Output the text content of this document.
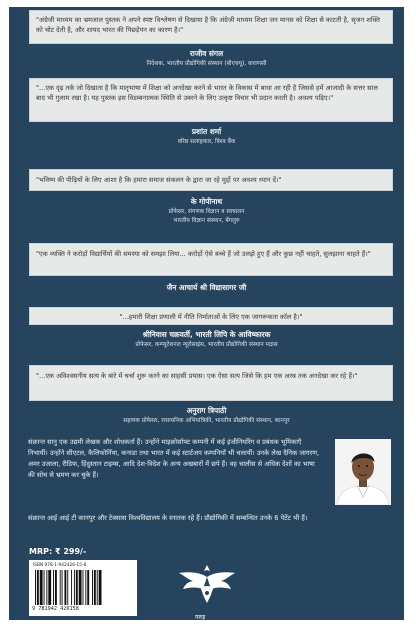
"अंग्रेजी माध्यम का भ्रमजाल पुस्तक ने अपने स्पष्ट विश्लेषण से दिखाया है कि अंग्रेजी माध्यम शिक्षा जन मानस को शिक्षा से काटती है, सृजन शक्ति को चोट देती है, और शायद भारत की पिछड़ेपन का कारण है।"
राजीव संगल
निदेशक, भारतीय प्रौद्योगिकी संस्थान (बीएचयू), वाराणसी
"...एक दृढ़ तर्क जो दिखाता है कि मातृभाषा में शिक्षा को अनदेखा करने से भारत के विकास में बाधा आ रही है जिससे हमें आजादी के सत्तर साल बाद भी गुलाम रखा है। यह पुस्तक इस विडम्बनात्मक स्थिति से उबरने के लिए उत्कृष्ट विचार भी प्रदान करती है। अवश्य पढ़िए।"
प्रशांत शर्मा
वरिष्ठ सलाहकार, विश्व बैंक
"भविष्य की पीढ़ियों के लिए आशा है कि हमारा समाज संकलन के द्वारा जा रहे मुद्दों पर अवश्य ध्यान दें।"
के गोपीनाथ
प्रोफेसर, संगणक विज्ञान व स्वचालन
भारतीय विज्ञान संस्थान, बेंगलुरु
"एक व्यक्ति ने करोड़ों विद्यार्थियों की समस्या को समझा लिया... करोड़ों ऐसे बच्चे हैं जो उलझे हुए हैं और कुछ नहीं चाहते, सुलझाना चाहते हैं।"
जैन आचार्य श्री विद्यासागर जी
"...हमारी शिक्षा प्रणाली में नीति निर्माताओं के लिए एक जागरूकता कॉल है।"
श्रीनिवास चक्रवर्ती, भारती लिपि के आविष्कारक
प्रोफेसर, कम्प्यूटेशनल न्यूरोसाइंस, भारतीय प्रौद्योगिकी संस्थान मद्रास
"...एक अविश्वसनीय सत्य के बारे में चर्चा शुरू करने का साहसी प्रयास। एक ऐसा सत्य जिसे कि हम एक अरब तक अनदेखा कर रहे हैं।"
अनुराग त्रिपाठी
सहायक प्रोफेसर, रासायनिक अभियांत्रिकी, भारतीय प्रौद्योगिकी संस्थान, कानपुर
संक्रान्त सानु एक उद्यमी लेखक और शोधकर्ता हैं। उन्होंने माइक्रोसॉफ्ट कम्पनी में कई इंजीनियरिंग व प्रबंधक भूमिकाएँ निभायीं। उन्होंने सीएटल, कैलिफोर्निया, कनाडा तथा भारत में कई स्टार्टअप कम्पनियाँ भी चलायीं। उनके लेख दैनिक जागरण, अमर उजाला, रीडिफ, हिंदुस्तान टाइम्स, आदि देश-विदेश के अन्य अखबारों में छपे हैं। वह चालीस से अधिक देशों का भाषा की सोच से भ्रमण कर चुके हैं।
संक्रान्त आई आई टी कानपुर और टेक्सास विश्वविद्यालय के स्नातक रहे हैं। प्रौद्योगिकी में सम्बन्धित उनके 6 पेटेंट भी हैं।
MRP: ₹ 299/-
ISBN 978-1-942426-15-8
9 781942 426158
गरुड़
